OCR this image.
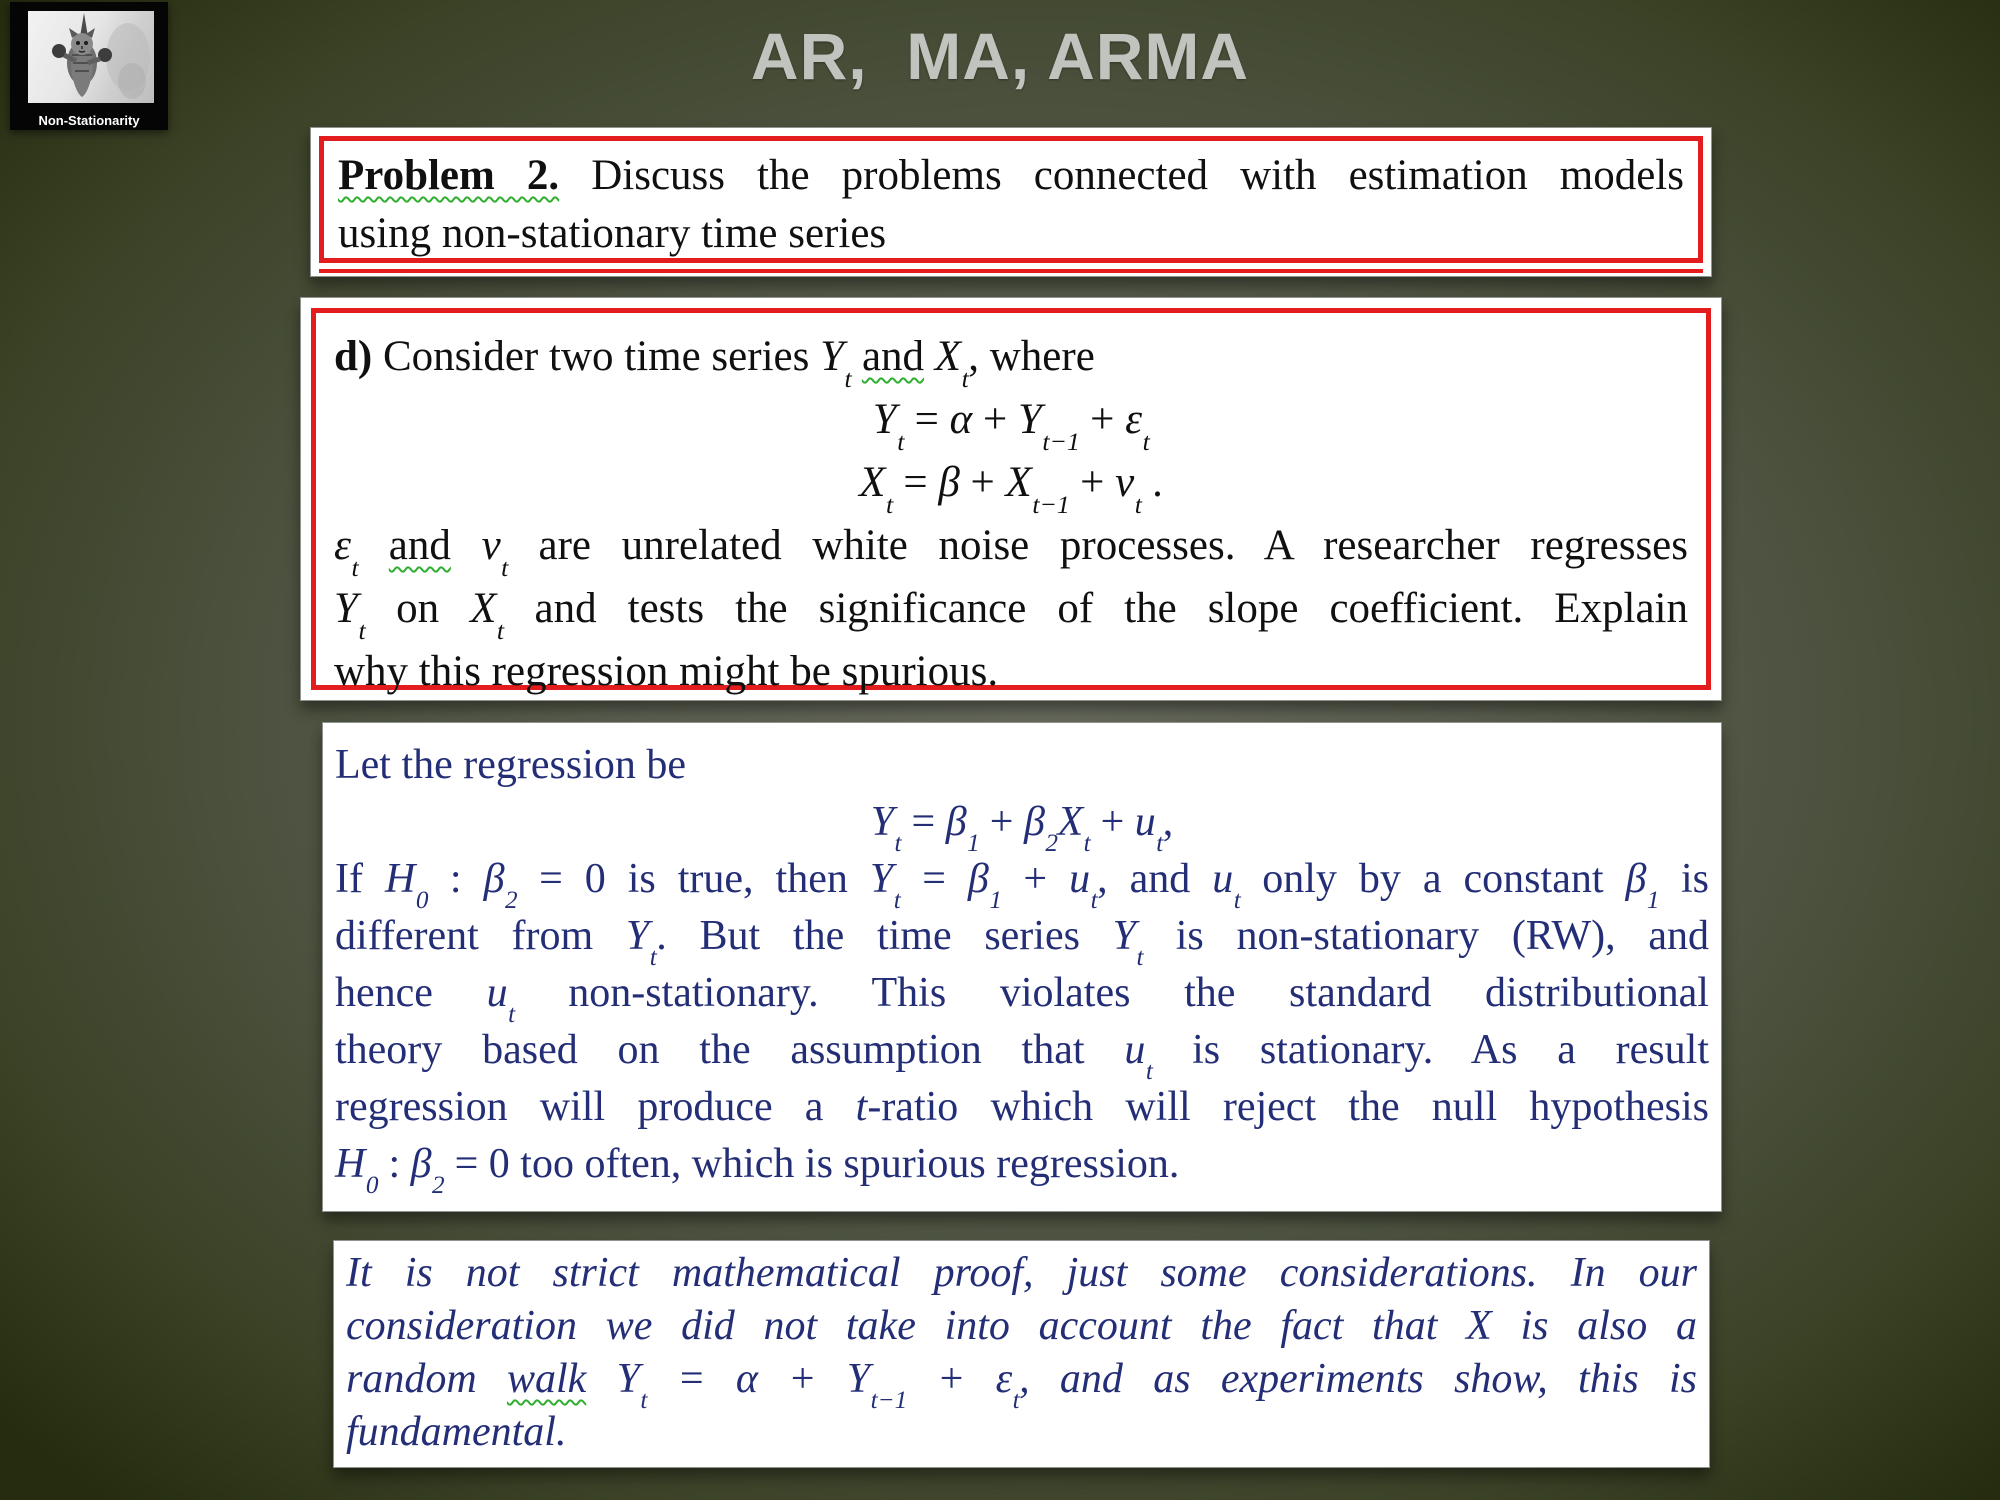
Non-Stationarity
AR,  MA, ARMA
Problem 2. Discuss the problems connected with estimation models
using non-stationary time series
d) Consider two time series $Y_t$ and $X_t$, where
$Y_t = \alpha + Y_{t-1} + \varepsilon_t$
$X_t = \beta + X_{t-1} + \nu_t$ .
$\varepsilon_t$ and $\nu_t$ are unrelated white noise processes. A researcher regresses
$Y_t$ on $X_t$ and tests the significance of the slope coefficient. Explain
why this regression might be spurious.
Let the regression be
$Y_t = \beta_1 + \beta_2X_t + u_t$,
If $H_0$ : $\beta_2 = 0$ is true, then $Y_t = \beta_1 + u_t$, and $u_t$ only by a constant $\beta_1$ is
different from $Y_t$. But the time series $Y_t$ is non-stationary (RW), and
hence $u_t$ non-stationary. This violates the standard distributional
theory based on the assumption that $u_t$ is stationary. As a result
regression will produce a t-ratio which will reject the null hypothesis
$H_0$ : $\beta_2 = 0$ too often, which is spurious regression.
It is not strict mathematical proof, just some considerations. In our
consideration we did not take into account the fact that X is also a
random walk $Y_t = \alpha + Y_{t-1} + \varepsilon_t$, and as experiments show, this is
fundamental.
